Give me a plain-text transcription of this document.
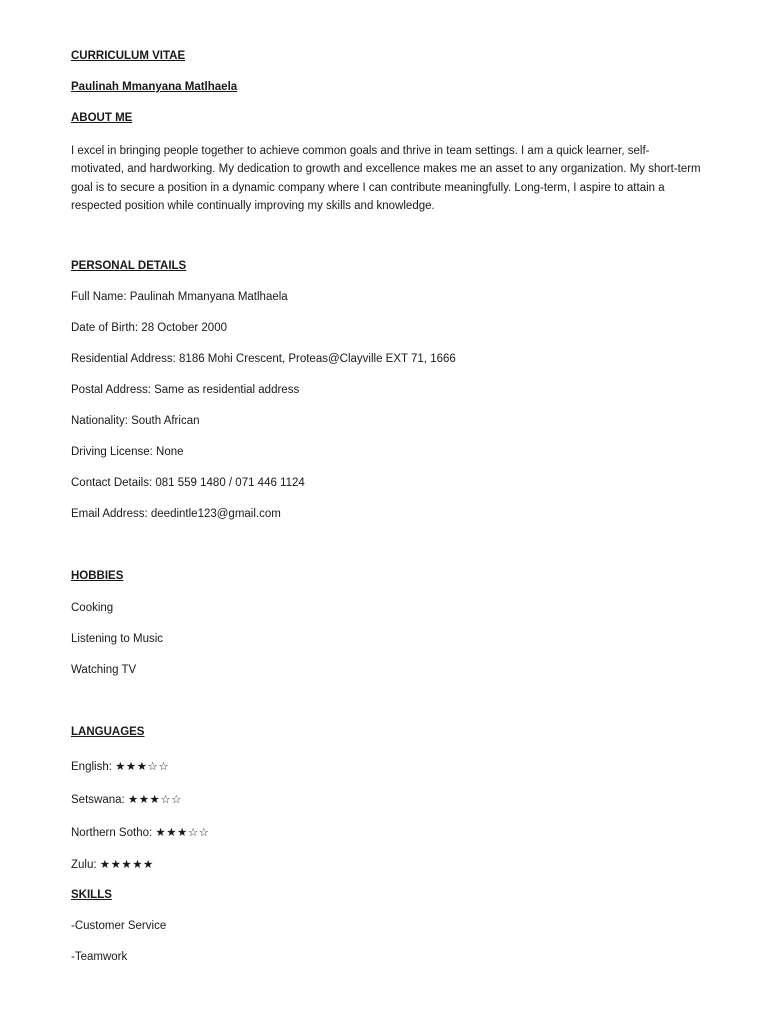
CURRICULUM VITAE
Paulinah Mmanyana Matlhaela
ABOUT ME
I excel in bringing people together to achieve common goals and thrive in team settings. I am a quick learner, self-motivated, and hardworking. My dedication to growth and excellence makes me an asset to any organization. My short-term goal is to secure a position in a dynamic company where I can contribute meaningfully. Long-term, I aspire to attain a respected position while continually improving my skills and knowledge.
PERSONAL DETAILS
Full Name: Paulinah Mmanyana Matlhaela
Date of Birth: 28 October 2000
Residential Address: 8186 Mohi Crescent, Proteas@Clayville EXT 71, 1666
Postal Address: Same as residential address
Nationality: South African
Driving License: None
Contact Details: 081 559 1480 / 071 446 1124
Email Address: deedintle123@gmail.com
HOBBIES
Cooking
Listening to Music
Watching TV
LANGUAGES
English: ★★★☆☆
Setswana: ★★★☆☆
Northern Sotho: ★★★☆☆
Zulu: ★★★★★
SKILLS
-Customer Service
-Teamwork
